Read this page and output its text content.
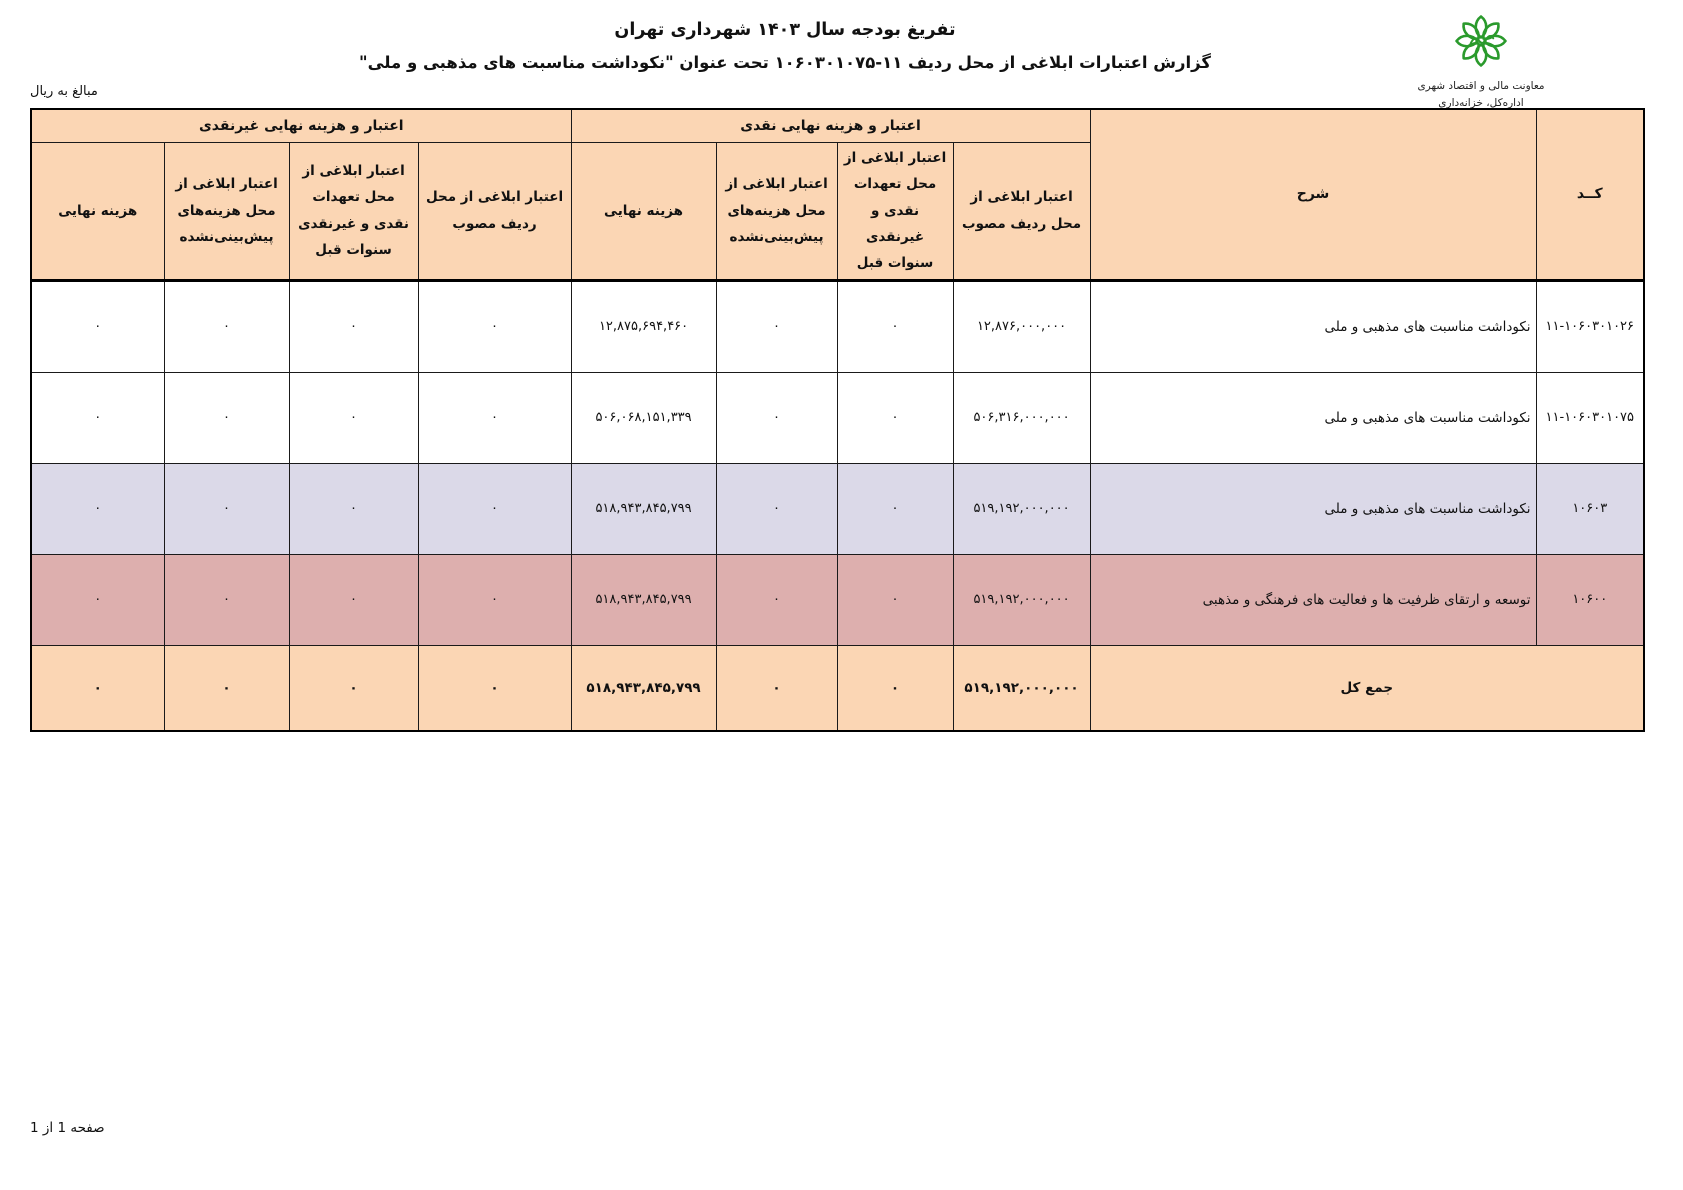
تفریغ بودجه سال ۱۴۰۳ شهرداری تهران
گزارش اعتبارات ابلاغی از محل ردیف ۱۱-۱۰۶۰۳۰۱۰۷۵ تحت عنوان "نکوداشت مناسبت های مذهبی و ملی"
معاونت مالی و اقتصاد شهری
اداره‌کل، خزانه‌داری
مبالغ به ریال
کــد	شرح	اعتبار و هزینه نهایی نقدی				اعتبار و هزینه نهایی غیرنقدی			
		اعتبار ابلاغی از محل ردیف مصوب	اعتبار ابلاغی از محل تعهدات نقدی و غیرنقدی سنوات قبل	اعتبار ابلاغی از محل هزینه‌های پیش‌بینی‌نشده	هزینه نهایی	اعتبار ابلاغی از محل ردیف مصوب	اعتبار ابلاغی از محل تعهدات نقدی و غیرنقدی سنوات قبل	اعتبار ابلاغی از محل هزینه‌های پیش‌بینی‌نشده	هزینه نهایی
۱۱-۱۰۶۰۳۰۱۰۲۶	نکوداشت مناسبت های مذهبی و ملی	۱۲,۸۷۶,۰۰۰,۰۰۰	۰	۰	۱۲,۸۷۵,۶۹۴,۴۶۰	۰	۰	۰	۰
۱۱-۱۰۶۰۳۰۱۰۷۵	نکوداشت مناسبت های مذهبی و ملی	۵۰۶,۳۱۶,۰۰۰,۰۰۰	۰	۰	۵۰۶,۰۶۸,۱۵۱,۳۳۹	۰	۰	۰	۰
۱۰۶۰۳	نکوداشت مناسبت های مذهبی و ملی	۵۱۹,۱۹۲,۰۰۰,۰۰۰	۰	۰	۵۱۸,۹۴۳,۸۴۵,۷۹۹	۰	۰	۰	۰
۱۰۶۰۰	توسعه و ارتقای ظرفیت ها و فعالیت های فرهنگی و مذهبی	۵۱۹,۱۹۲,۰۰۰,۰۰۰	۰	۰	۵۱۸,۹۴۳,۸۴۵,۷۹۹	۰	۰	۰	۰
جمع کل		۵۱۹,۱۹۲,۰۰۰,۰۰۰	۰	۰	۵۱۸,۹۴۳,۸۴۵,۷۹۹	۰	۰	۰	۰
صفحه 1 از 1
